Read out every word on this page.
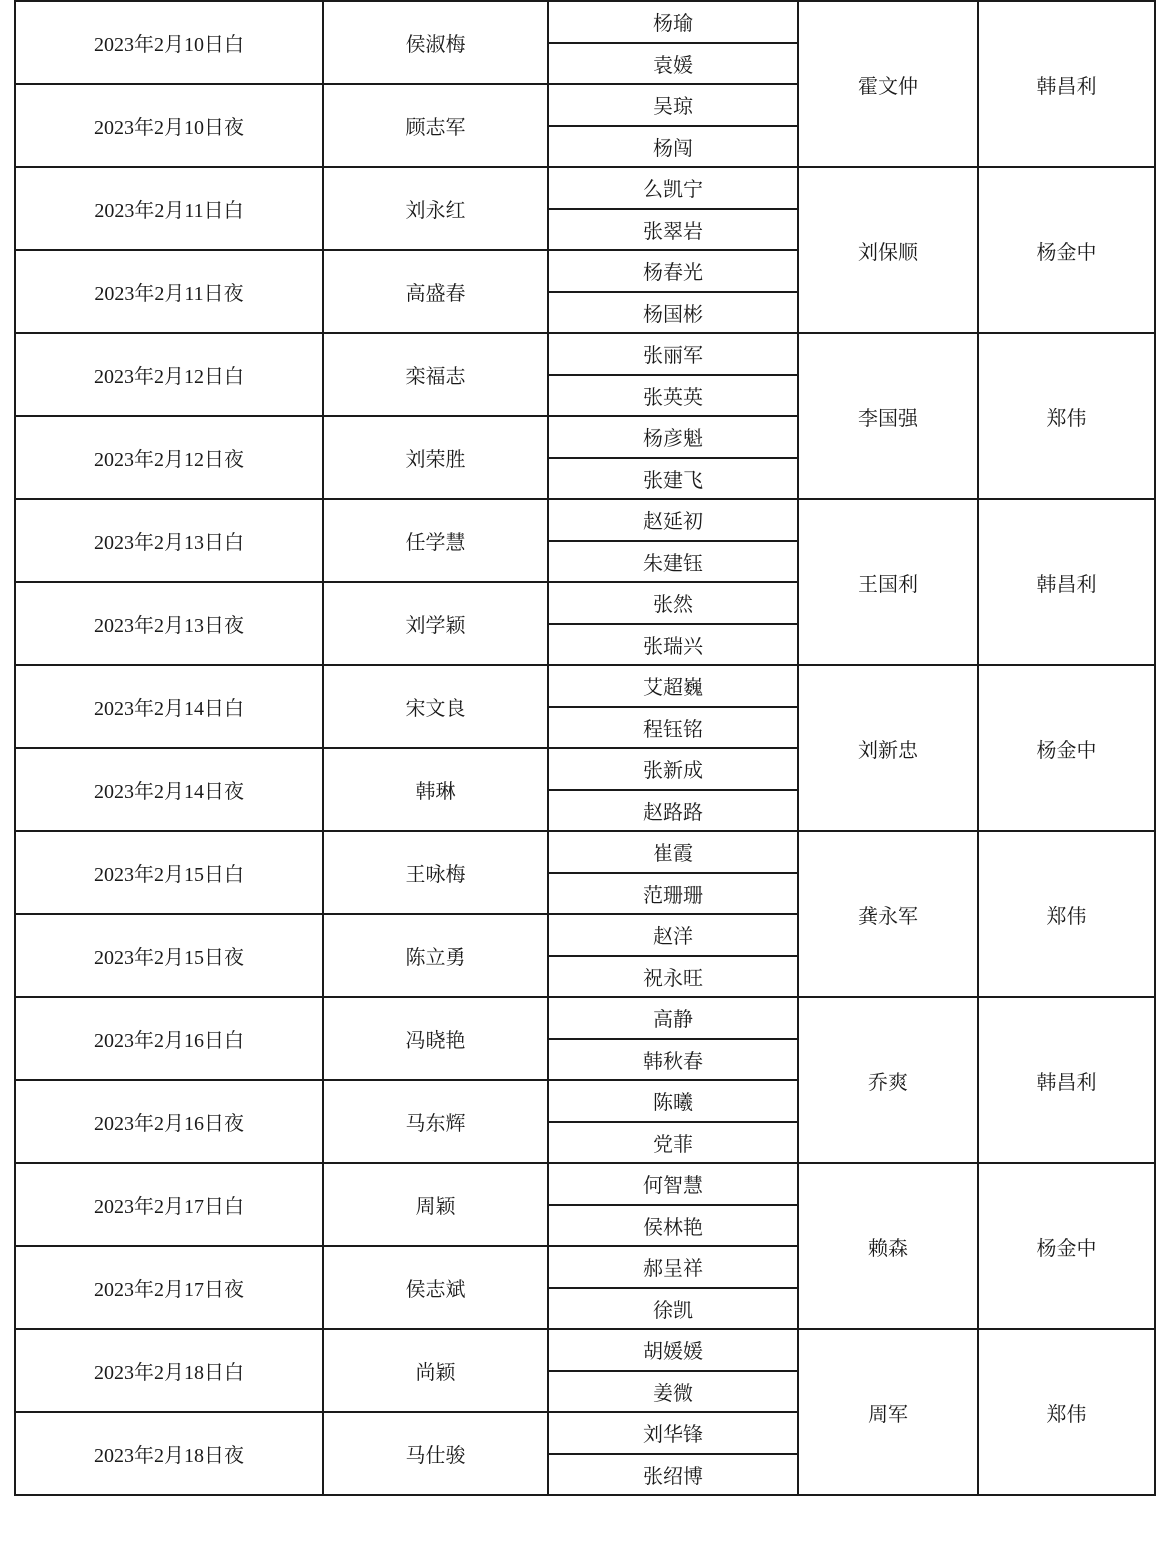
2023年2月10日白	侯淑梅	杨瑜	霍文仲	韩昌利
		袁媛		
2023年2月10日夜	顾志军	吴琼		
		杨闯		
2023年2月11日白	刘永红	么凯宁	刘保顺	杨金中
		张翠岩		
2023年2月11日夜	高盛春	杨春光		
		杨国彬		
2023年2月12日白	栾福志	张丽军	李国强	郑伟
		张英英		
2023年2月12日夜	刘荣胜	杨彦魁		
		张建飞		
2023年2月13日白	任学慧	赵延初	王国利	韩昌利
		朱建钰		
2023年2月13日夜	刘学颖	张然		
		张瑞兴		
2023年2月14日白	宋文良	艾超巍	刘新忠	杨金中
		程钰铭		
2023年2月14日夜	韩琳	张新成		
		赵路路		
2023年2月15日白	王咏梅	崔霞	龚永军	郑伟
		范珊珊		
2023年2月15日夜	陈立勇	赵洋		
		祝永旺		
2023年2月16日白	冯晓艳	高静	乔爽	韩昌利
		韩秋春		
2023年2月16日夜	马东辉	陈曦		
		党菲		
2023年2月17日白	周颖	何智慧	赖森	杨金中
		侯林艳		
2023年2月17日夜	侯志斌	郝呈祥		
		徐凯		
2023年2月18日白	尚颖	胡媛媛	周军	郑伟
		姜微		
2023年2月18日夜	马仕骏	刘华锋		
		张绍博		
